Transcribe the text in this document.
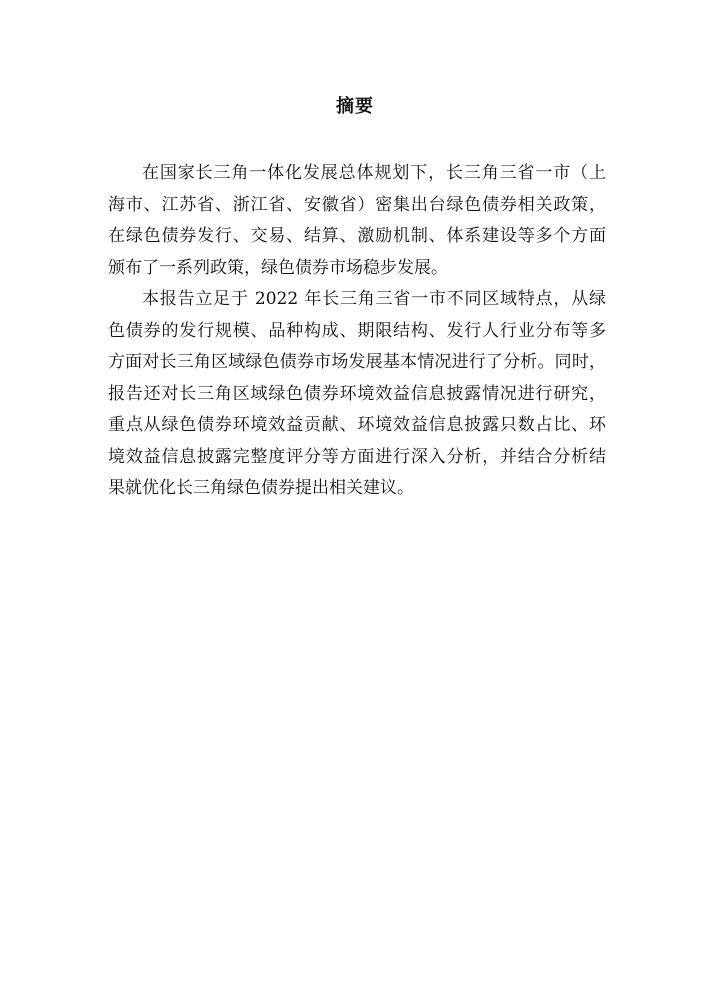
摘要
在国家长三角一体化发展总体规划下，长三角三省一市（上
海市、江苏省、浙江省、安徽省）密集出台绿色债券相关政策，
在绿色债券发行、交易、结算、激励机制、体系建设等多个方面
颁布了一系列政策，绿色债券市场稳步发展。
本报告立足于 2022 年长三角三省一市不同区域特点，从绿
色债券的发行规模、品种构成、期限结构、发行人行业分布等多
方面对长三角区域绿色债券市场发展基本情况进行了分析。同时，
报告还对长三角区域绿色债券环境效益信息披露情况进行研究，
重点从绿色债券环境效益贡献、环境效益信息披露只数占比、环
境效益信息披露完整度评分等方面进行深入分析，并结合分析结
果就优化长三角绿色债券提出相关建议。
